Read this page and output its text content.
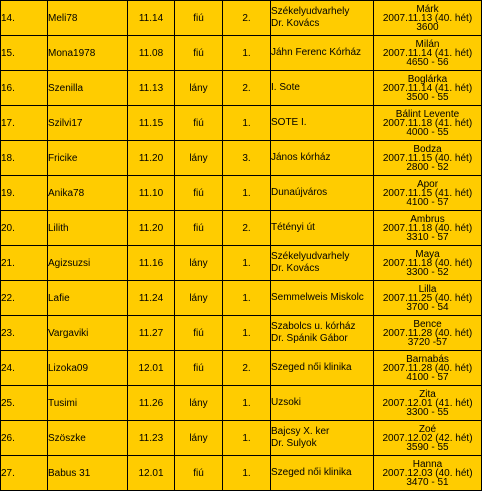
14.	Meli78	11.14	fiú	2.	Székelyudvarhely
Dr. Kovács	Márk
2007.11.13 (40. hét)
3600

15.	Mona1978	11.08	fiú	1.	Jáhn Ferenc Kórház	Milán
2007.11.14 (41. hét)
4650 - 56

16.	Szenilla	11.13	lány	2.	I. Sote	Boglárka
2007.11.14 (41. hét)
3500 - 55

17.	Szilvi17	11.15	fiú	1.	SOTE I.	Bálint Levente
2007.11.18 (41. hét)
4000 - 55

18.	Fricike	11.20	lány	3.	János kórház	Bodza
2007.11.15 (40. hét)
2800 - 52

19.	Anika78	11.10	fiú	1.	Dunaújváros	Apor
2007.11.15 (41. hét)
4100 - 57

20.	Lilith	11.20	fiú	2.	Tétényi út	Ambrus
2007.11.18 (40. hét)
3310 - 57

21.	Agizsuzsi	11.16	lány	1.	Székelyudvarhely
Dr. Kovács	Maya
2007.11.18 (40. hét)
3300 - 52

22.	Lafie	11.24	lány	1.	Semmelweis Miskolc	Lilla
2007.11.25 (40. hét)
3700 - 54

23.	Vargaviki	11.27	fiú	1.	Szabolcs u. kórház
Dr. Spánik Gábor	Bence
2007.11.28 (40. hét)
3720 -57

24.	Lizoka09	12.01	fiú	2.	Szeged női klinika	Barnabás
2007.11.28 (40. hét)
4100 - 57

25.	Tusimi	11.26	lány	1.	Uzsoki	Zita
2007.12.01 (41. hét)
3300 - 55

26.	Szöszke	11.23	lány	1.	Bajcsy X. ker
Dr. Sulyok	Zoé
2007.12.02 (42. hét)
3590 - 55

27.	Babus 31	12.01	fiú	1.	Szeged női klinika	Hanna
2007.12.03 (40. hét)
3470 - 51
